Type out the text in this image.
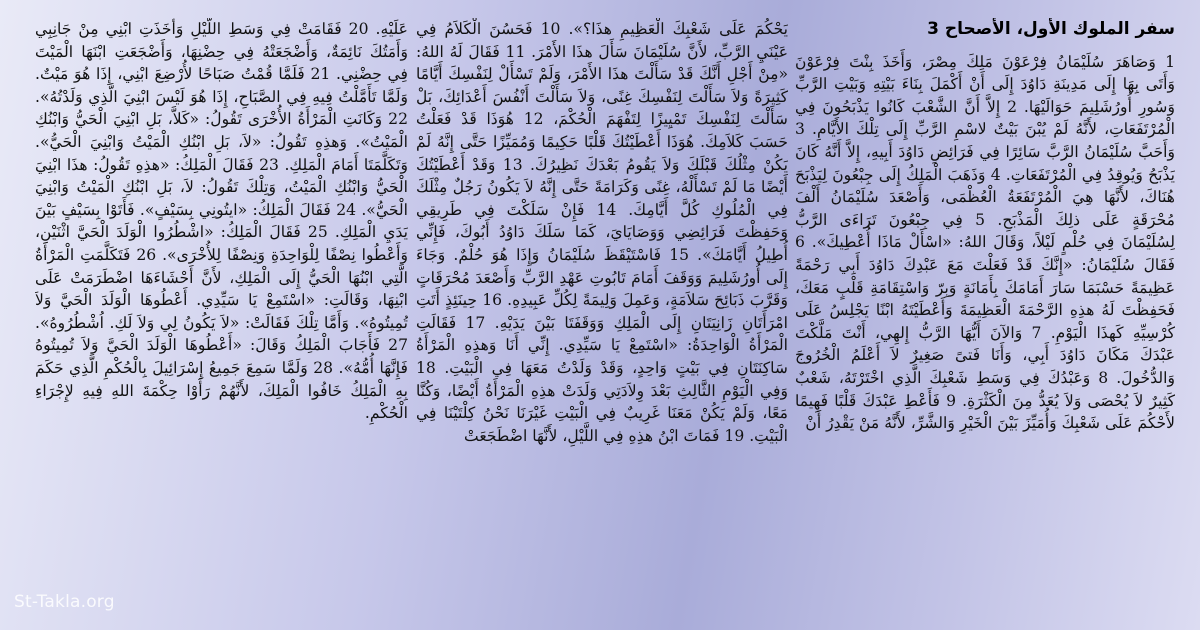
سفر الملوك الأول، الأصحاح 3
1 وَصَاهَرَ سُلَيْمَانُ فِرْعَوْنَ مَلِكَ مِصْرَ، وَأَخَذَ بِنْتَ فِرْعَوْنَ وَأَتَى بِهَا إِلَى مَدِينَةِ دَاوُدَ إِلَى أَنْ أَكْمَلَ بِنَاءَ بَيْتِهِ وَبَيْتِ الرَّبِّ وَسُورِ أُورُشَلِيمَ حَوَالَيْهَا. 2 إِلاَّ أَنَّ الشَّعْبَ كَانُوا يَذْبَحُونَ فِي الْمُرْتَفَعَاتِ، لأَنَّهُ لَمْ يُبْنَ بَيْتٌ لاسْمِ الرَّبِّ إِلَى تِلْكَ الأَيَّامِ. 3 وَأَحَبَّ سُلَيْمَانُ الرَّبَّ سَائِرًا فِي فَرَائِضِ دَاوُدَ أَبِيهِ، إِلاَّ أَنَّهُ كَانَ يَذْبَحُ وَيُوقِدُ فِي الْمُرْتَفَعَاتِ. 4 وَذَهَبَ الْمَلِكُ إِلَى جِبْعُونَ لِيَذْبَحَ هُنَاكَ، لأَنَّهَا هِيَ الْمُرْتَفَعَةُ الْعُظْمَى، وَأَصْعَدَ سُلَيْمَانُ أَلْفَ مُحْرَقَةٍ عَلَى ذلِكَ الْمَذْبَحِ. 5 فِي جِبْعُونَ تَرَاءَى الرَّبُّ لِسُلَيْمَانَ فِي حُلْمٍ لَيْلاً، وَقَالَ اللهُ: «اسْأَلْ مَاذَا أُعْطِيكَ». 6 فَقَالَ سُلَيْمَانُ: «إِنَّكَ قَدْ فَعَلْتَ مَعَ عَبْدِكَ دَاوُدَ أَبِي رَحْمَةً عَظِيمَةً حَسْبَمَا سَارَ أَمَامَكَ بِأَمَانَةٍ وَبِرّ وَاسْتِقَامَةِ قَلْبٍ مَعَكَ، فَحَفِظْتَ لَهُ هذِهِ الرَّحْمَةَ الْعَظِيمَةَ وَأَعْطَيْتَهُ ابْنًا يَجْلِسُ عَلَى كُرْسِيِّهِ كَهذَا الْيَوْمِ. 7 وَالآنَ أَيُّهَا الرَّبُّ إِلهِي، أَنْتَ مَلَّكْتَ عَبْدَكَ مَكَانَ دَاوُدَ أَبِي، وَأَنَا فَتىً صَغِيرٌ لاَ أَعْلَمُ الْخُرُوجَ وَالدُّخُولَ. 8 وَعَبْدُكَ فِي وَسَطِ شَعْبِكَ الَّذِي اخْتَرْتَهُ، شَعْبٌ كَثِيرٌ لاَ يُحْصَى وَلاَ يُعَدُّ مِنَ الْكَثْرَةِ. 9 فَأَعْطِ عَبْدَكَ قَلْبًا فَهِيمًا لأَحْكُمَ عَلَى شَعْبِكَ وَأُمَيِّزَ بَيْنَ الْخَيْرِ وَالشَّرِّ، لأَنَّهُ مَنْ يَقْدِرُ أَنْ
يَحْكُمَ عَلَى شَعْبِكَ الْعَظِيمِ هذَا؟». 10 فَحَسُنَ الْكَلاَمُ فِي عَيْنَيِ الرَّبِّ، لأَنَّ سُلَيْمَانَ سَأَلَ هذَا الأَمْرَ. 11 فَقَالَ لَهُ اللهُ: «مِنْ أَجْلِ أَنَّكَ قَدْ سَأَلْتَ هذَا الأَمْرَ، وَلَمْ تَسْأَلْ لِنَفْسِكَ أَيَّامًا كَثِيرَةً وَلاَ سَأَلْتَ لِنَفْسِكَ غِنًى، وَلاَ سَأَلْتَ أَنْفُسَ أَعْدَائِكَ، بَلْ سَأَلْتَ لِنَفْسِكَ تَمْيِيزًا لِتَفْهَمَ الْحُكْمَ، 12 هُوَذَا قَدْ فَعَلْتُ حَسَبَ كَلاَمِكَ. هُوَذَا أَعْطَيْتُكَ قَلْبًا حَكِيمًا وَمُمَيِّزًا حَتَّى إِنَّهُ لَمْ يَكُنْ مِثْلُكَ قَبْلَكَ وَلاَ يَقُومُ بَعْدَكَ نَظِيرُكَ. 13 وَقَدْ أَعْطَيْتُكَ أَيْضًا مَا لَمْ تَسْأَلْهُ، غِنًى وَكَرَامَةً حَتَّى إِنَّهُ لاَ يَكُونُ رَجُلٌ مِثْلَكَ فِي الْمُلُوكِ كُلَّ أَيَّامِكَ. 14 فَإِنْ سَلَكْتَ فِي طَرِيقِي وَحَفِظْتَ فَرَائِضِي وَوَصَايَايَ، كَمَا سَلَكَ دَاوُدُ أَبُوكَ، فَإِنِّي أُطِيلُ أَيَّامَكَ». 15 فَاسْتَيْقَظَ سُلَيْمَانُ وَإِذَا هُوَ حُلْمٌ. وَجَاءَ إِلَى أُورُشَلِيمَ وَوَقَفَ أَمَامَ تَابُوتِ عَهْدِ الرَّبِّ وَأَصْعَدَ مُحْرَقَاتٍ وَقَرَّبَ ذَبَائِحَ سَلاَمَةٍ، وَعَمِلَ وَلِيمَةً لِكُلِّ عَبِيدِهِ. 16 حِينَئِذٍ أَتَتِ امْرَأَتَانِ زَانِيَتَانِ إِلَى الْمَلِكِ وَوَقَفَتَا بَيْنَ يَدَيْهِ. 17 فَقَالَتِ الْمَرْأَةُ الْوَاحِدَةُ: «اسْتَمِعْ يَا سَيِّدِي. إِنِّي أَنَا وَهذِهِ الْمَرْأَةُ سَاكِنَتَانِ فِي بَيْتٍ وَاحِدٍ، وَقَدْ وَلَدْتُ مَعَهَا فِي الْبَيْتِ. 18 وَفِي الْيَوْمِ الثَّالِثِ بَعْدَ وِلاَدَتِي وَلَدَتْ هذِهِ الْمَرْأَةُ أَيْضًا، وَكُنَّا مَعًا، وَلَمْ يَكُنْ مَعَنَا غَرِيبٌ فِي الْبَيْتِ غَيْرَنَا نَحْنُ كِلْتَيْنَا فِي الْبَيْتِ. 19 فَمَاتَ ابْنُ هذِهِ فِي اللَّيْلِ، لأَنَّهَا اضْطَجَعَتْ
عَلَيْهِ. 20 فَقَامَتْ فِي وَسَطِ اللَّيْلِ وَأَخَذَتِ ابْنِي مِنْ جَانِبِي وَأَمَتُكَ نَائِمَةٌ، وَأَضْجَعَتْهُ فِي حِضْنِهَا، وَأَضْجَعَتِ ابْنَهَا الْمَيْتَ فِي حِضْنِي. 21 فَلَمَّا قُمْتُ صَبَاحًا لأُرْضِعَ ابْنِي، إِذَا هُوَ مَيْتٌ. وَلَمَّا تَأَمَّلْتُ فِيهِ فِي الصَّبَاحِ، إِذَا هُوَ لَيْسَ ابْنِيَ الَّذِي وَلَدْتُهُ». 22 وَكَانَتِ الْمَرْأَةُ الأُخْرَى تَقُولُ: «كَلاَّ، بَلِ ابْنِيَ الْحَيُّ وَابْنُكِ الْمَيْتُ». وَهذِهِ تَقُولُ: «لاَ، بَلِ ابْنُكِ الْمَيْتُ وَابْنِيَ الْحَيُّ». وَتَكَلَّمَتَا أَمَامَ الْمَلِكِ. 23 فَقَالَ الْمَلِكُ: «هذِهِ تَقُولُ: هذَا ابْنِيَ الْحَيُّ وَابْنُكِ الْمَيْتُ، وَتِلْكَ تَقُولُ: لاَ، بَلِ ابْنُكِ الْمَيْتُ وَابْنِيَ الْحَيُّ». 24 فَقَالَ الْمَلِكُ: «ايتُونِي بِسَيْفٍ». فَأَتَوْا بِسَيْفٍ بَيْنَ يَدَيِ الْمَلِكِ. 25 فَقَالَ الْمَلِكُ: «اشْطُرُوا الْوَلَدَ الْحَيَّ اثْنَيْنِ، وَأَعْطُوا نِصْفًا لِلْوَاحِدَةِ وَنِصْفًا لِلأُخْرَى». 26 فَتَكَلَّمَتِ الْمَرْأَةُ الَّتِي ابْنُهَا الْحَيُّ إِلَى الْمَلِكِ، لأَنَّ أَحْشَاءَهَا اضْطَرَمَتْ عَلَى ابْنِهَا، وَقَالَتِ: «اسْتَمِعْ يَا سَيِّدِي. أَعْطُوهَا الْوَلَدَ الْحَيَّ وَلاَ تُمِيتُوهُ». وَأَمَّا تِلْكَ فَقَالَتْ: «لاَ يَكُونُ لِي وَلاَ لَكِ. اُشْطُرُوهُ». 27 فَأَجَابَ الْمَلِكُ وَقَالَ: «أَعْطُوهَا الْوَلَدَ الْحَيَّ وَلاَ تُمِيتُوهُ فَإِنَّهَا أُمُّهُ». 28 وَلَمَّا سَمِعَ جَمِيعُ إِسْرَائِيلَ بِالْحُكْمِ الَّذِي حَكَمَ بِهِ الْمَلِكُ خَافُوا الْمَلِكَ، لأَنَّهُمْ رَأَوْا حِكْمَةَ اللهِ فِيهِ لإِجْرَاءِ الْحُكْمِ.
St-Takla.org
